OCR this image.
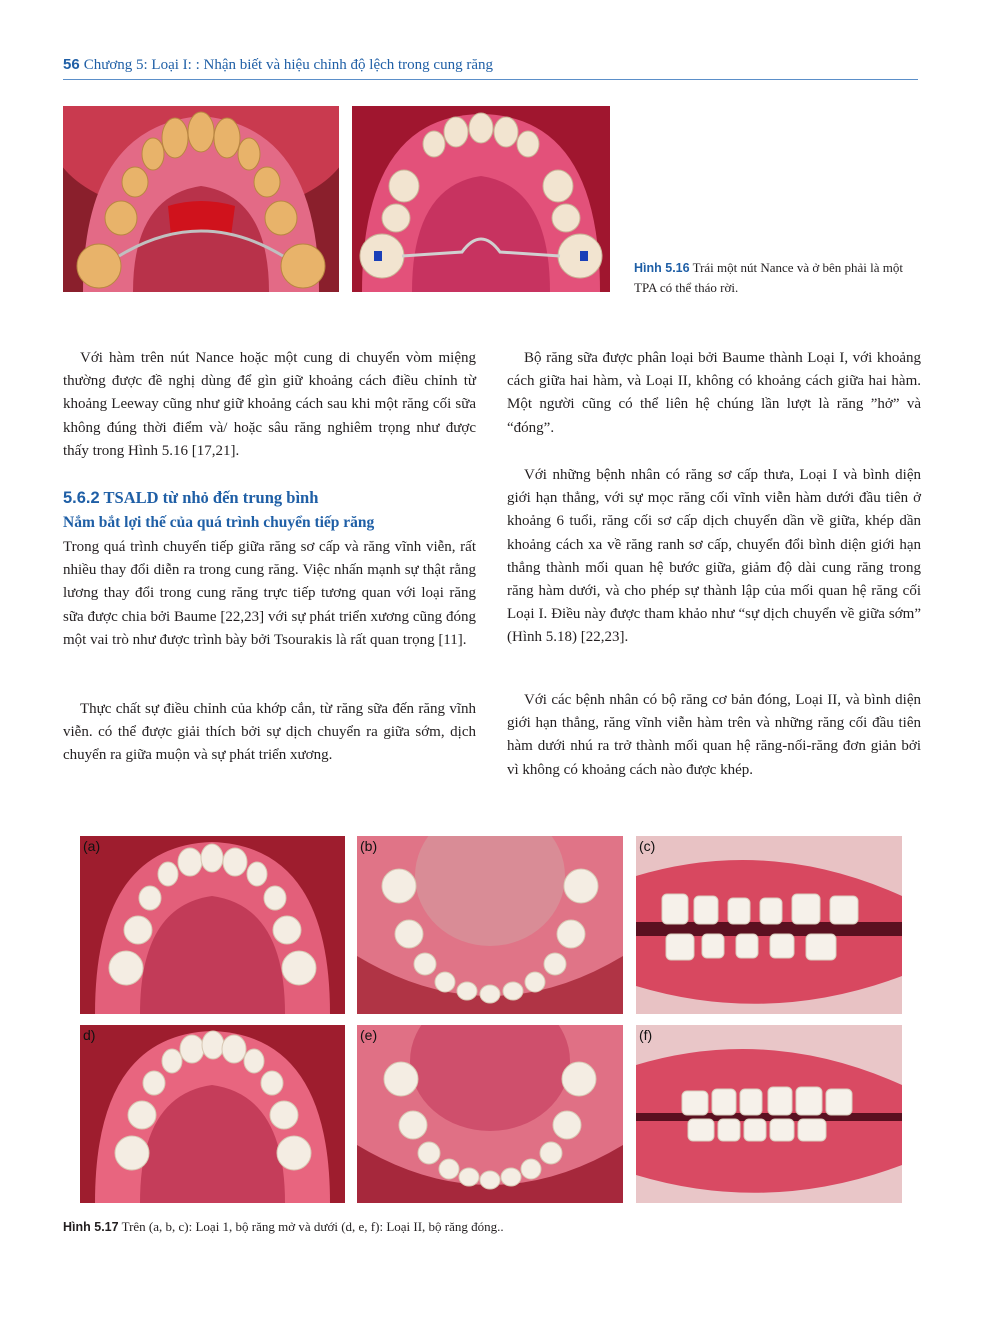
56 Chương 5: Loại I: : Nhận biết và hiệu chỉnh độ lệch trong cung răng
Hình 5.16 Trái một nút Nance và ở bên phải là một TPA có thể tháo rời.

Với hàm trên nút Nance hoặc một cung di chuyển vòm miệng thường được đề nghị dùng để gìn giữ khoảng cách điều chỉnh từ khoảng Leeway cũng như giữ khoảng cách sau khi một răng cối sữa không đúng thời điểm và/ hoặc sâu răng nghiêm trọng như được thấy trong Hình 5.16 [17,21].

5.6.2 TSALD từ nhỏ đến trung bình
Nắm bắt lợi thế của quá trình chuyển tiếp răng

Trong quá trình chuyển tiếp giữa răng sơ cấp và răng vĩnh viễn, rất nhiều thay đổi diễn ra trong cung răng. Việc nhấn mạnh sự thật rằng lương thay đổi trong cung răng trực tiếp tương quan với loại răng sữa được chia bởi Baume [22,23] với sự phát triển xương cũng đóng một vai trò như được trình bày bởi Tsourakis là rất quan trọng [11].

Thực chất sự điều chỉnh của khớp cắn, từ răng sữa đến răng vĩnh viễn. có thể được giải thích bởi sự dịch chuyển ra giữa sớm, dịch chuyển ra giữa muộn và sự phát triển xương.

Bộ răng sữa được phân loại bởi Baume thành Loại I, với khoảng cách giữa hai hàm, và Loại II, không có khoảng cách giữa hai hàm. Một người cũng có thể liên hệ chúng lần lượt là răng ”hở” và “đóng”.

Với những bệnh nhân có răng sơ cấp thưa, Loại I và bình diện giới hạn thẳng, với sự mọc răng cối vĩnh viễn hàm dưới đầu tiên ở khoảng 6 tuổi, răng cối sơ cấp dịch chuyển dần về giữa, khép dần khoảng cách xa về răng ranh sơ cấp, chuyển đổi bình diện giới hạn thẳng thành mối quan hệ bước giữa, giảm độ dài cung răng trong răng hàm dưới, và cho phép sự thành lập của mối quan hệ răng cối Loại I. Điều này được tham khảo như “sự dịch chuyển về giữa sớm” (Hình 5.18) [22,23].

Với các bệnh nhân có bộ răng cơ bản đóng, Loại II, và bình diện giới hạn thẳng, răng vĩnh viễn hàm trên và những răng cối đầu tiên hàm dưới nhú ra trở thành mối quan hệ răng-nối-răng đơn giản bởi vì không có khoảng cách nào được khép.

(a)	(b)	(c)
d)	(e)	(f)
Hình 5.17 Trên (a, b, c): Loại 1, bộ răng mở và dưới (d, e, f): Loại II, bộ răng đóng..
